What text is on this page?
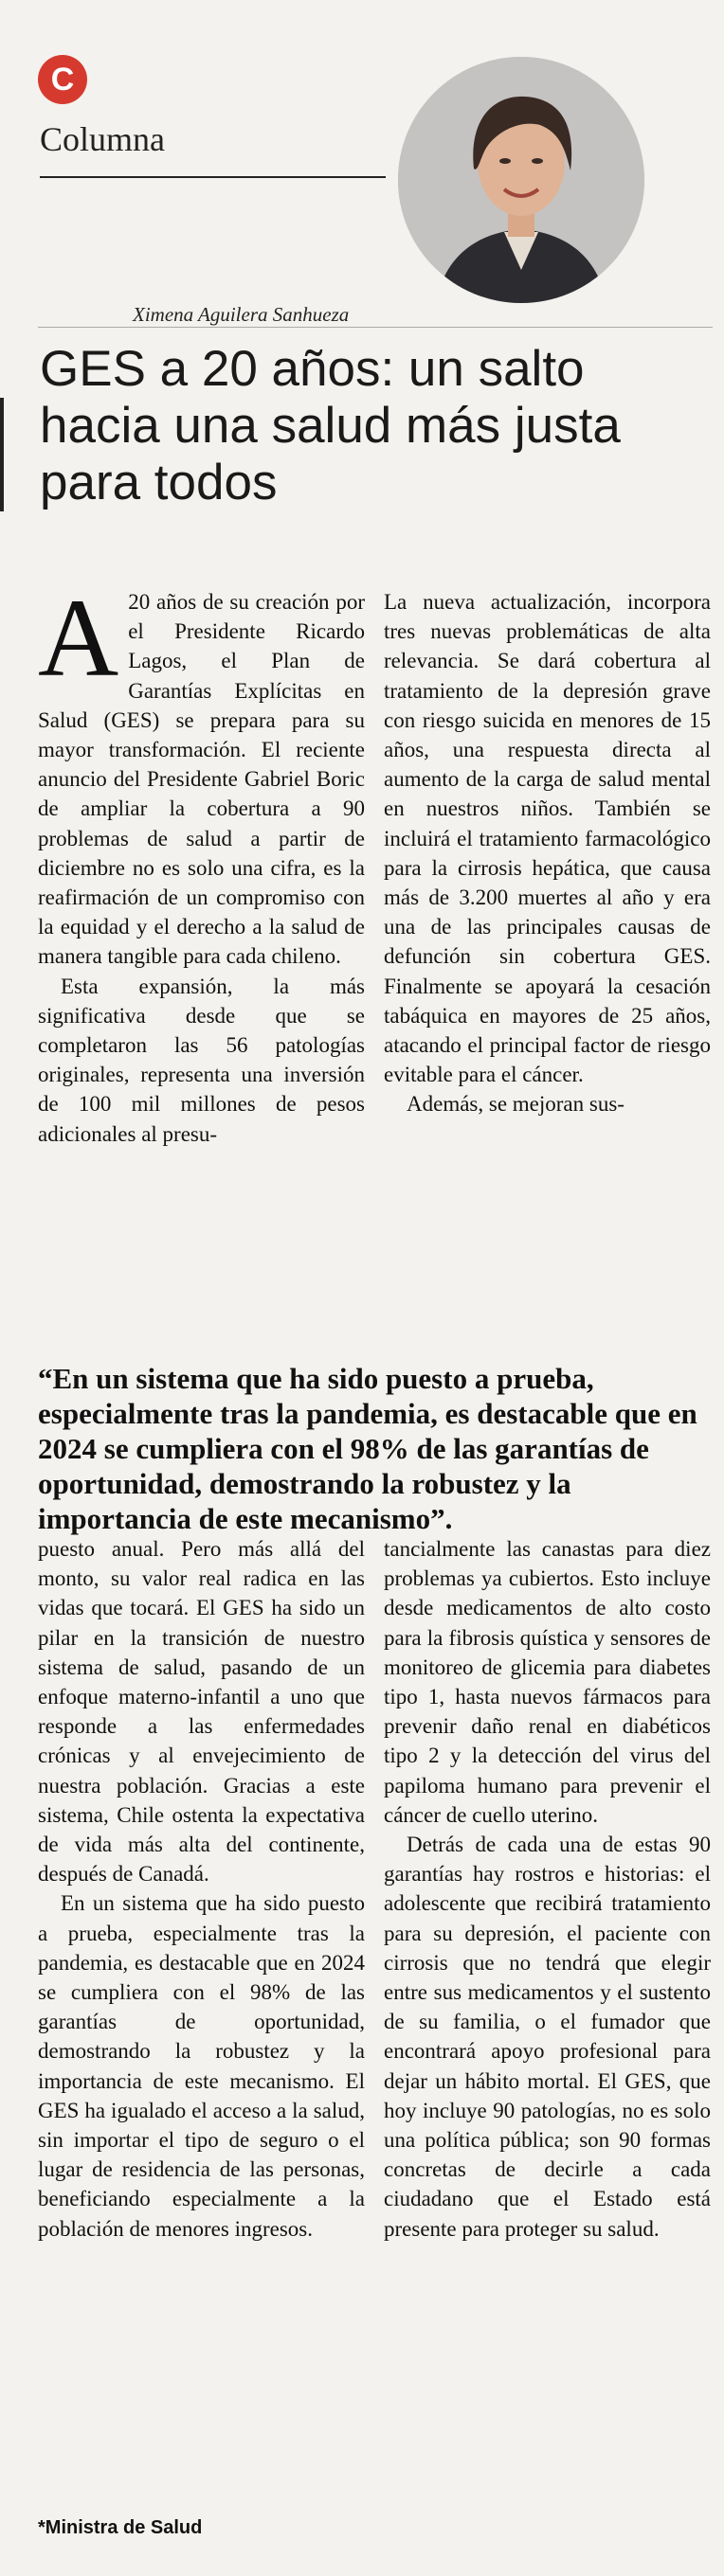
C
Columna
Ximena Aguilera Sanhueza
GES a 20 años: un salto hacia una salud más justa para todos

A 20 años de su creación por el Presidente Ricardo Lagos, el Plan de Garantías Explícitas en Salud (GES) se prepara para su mayor transformación. El reciente anuncio del Presidente Gabriel Boric de ampliar la cobertura a 90 problemas de salud a partir de diciembre no es solo una cifra, es la reafirmación de un compromiso con la equidad y el derecho a la salud de manera tangible para cada chileno.

Esta expansión, la más significativa desde que se completaron las 56 patologías originales, representa una inversión de 100 mil millones de pesos adicionales al presu-

La nueva actualización, incorpora tres nuevas problemáticas de alta relevancia. Se dará cobertura al tratamiento de la depresión grave con riesgo suicida en menores de 15 años, una respuesta directa al aumento de la carga de salud mental en nuestros niños. También se incluirá el tratamiento farmacológico para la cirrosis hepática, que causa más de 3.200 muertes al año y era una de las principales causas de defunción sin cobertura GES. Finalmente se apoyará la cesación tabáquica en mayores de 25 años, atacando el principal factor de riesgo evitable para el cáncer.

Además, se mejoran sus-

“En un sistema que ha sido puesto a prueba, especialmente tras la pandemia, es destacable que en 2024 se cumpliera con el 98% de las garantías de oportunidad, demostrando la robustez y la importancia de este mecanismo”.

puesto anual. Pero más allá del monto, su valor real radica en las vidas que tocará. El GES ha sido un pilar en la transición de nuestro sistema de salud, pasando de un enfoque materno-infantil a uno que responde a las enfermedades crónicas y al envejecimiento de nuestra población. Gracias a este sistema, Chile ostenta la expectativa de vida más alta del continente, después de Canadá.

En un sistema que ha sido puesto a prueba, especialmente tras la pandemia, es destacable que en 2024 se cumpliera con el 98% de las garantías de oportunidad, demostrando la robustez y la importancia de este mecanismo. El GES ha igualado el acceso a la salud, sin importar el tipo de seguro o el lugar de residencia de las personas, beneficiando especialmente a la población de menores ingresos.

tancialmente las canastas para diez problemas ya cubiertos. Esto incluye desde medicamentos de alto costo para la fibrosis quística y sensores de monitoreo de glicemia para diabetes tipo 1, hasta nuevos fármacos para prevenir daño renal en diabéticos tipo 2 y la detección del virus del papiloma humano para prevenir el cáncer de cuello uterino.

Detrás de cada una de estas 90 garantías hay rostros e historias: el adolescente que recibirá tratamiento para su depresión, el paciente con cirrosis que no tendrá que elegir entre sus medicamentos y el sustento de su familia, o el fumador que encontrará apoyo profesional para dejar un hábito mortal. El GES, que hoy incluye 90 patologías, no es solo una política pública; son 90 formas concretas de decirle a cada ciudadano que el Estado está presente para proteger su salud.

*Ministra de Salud
